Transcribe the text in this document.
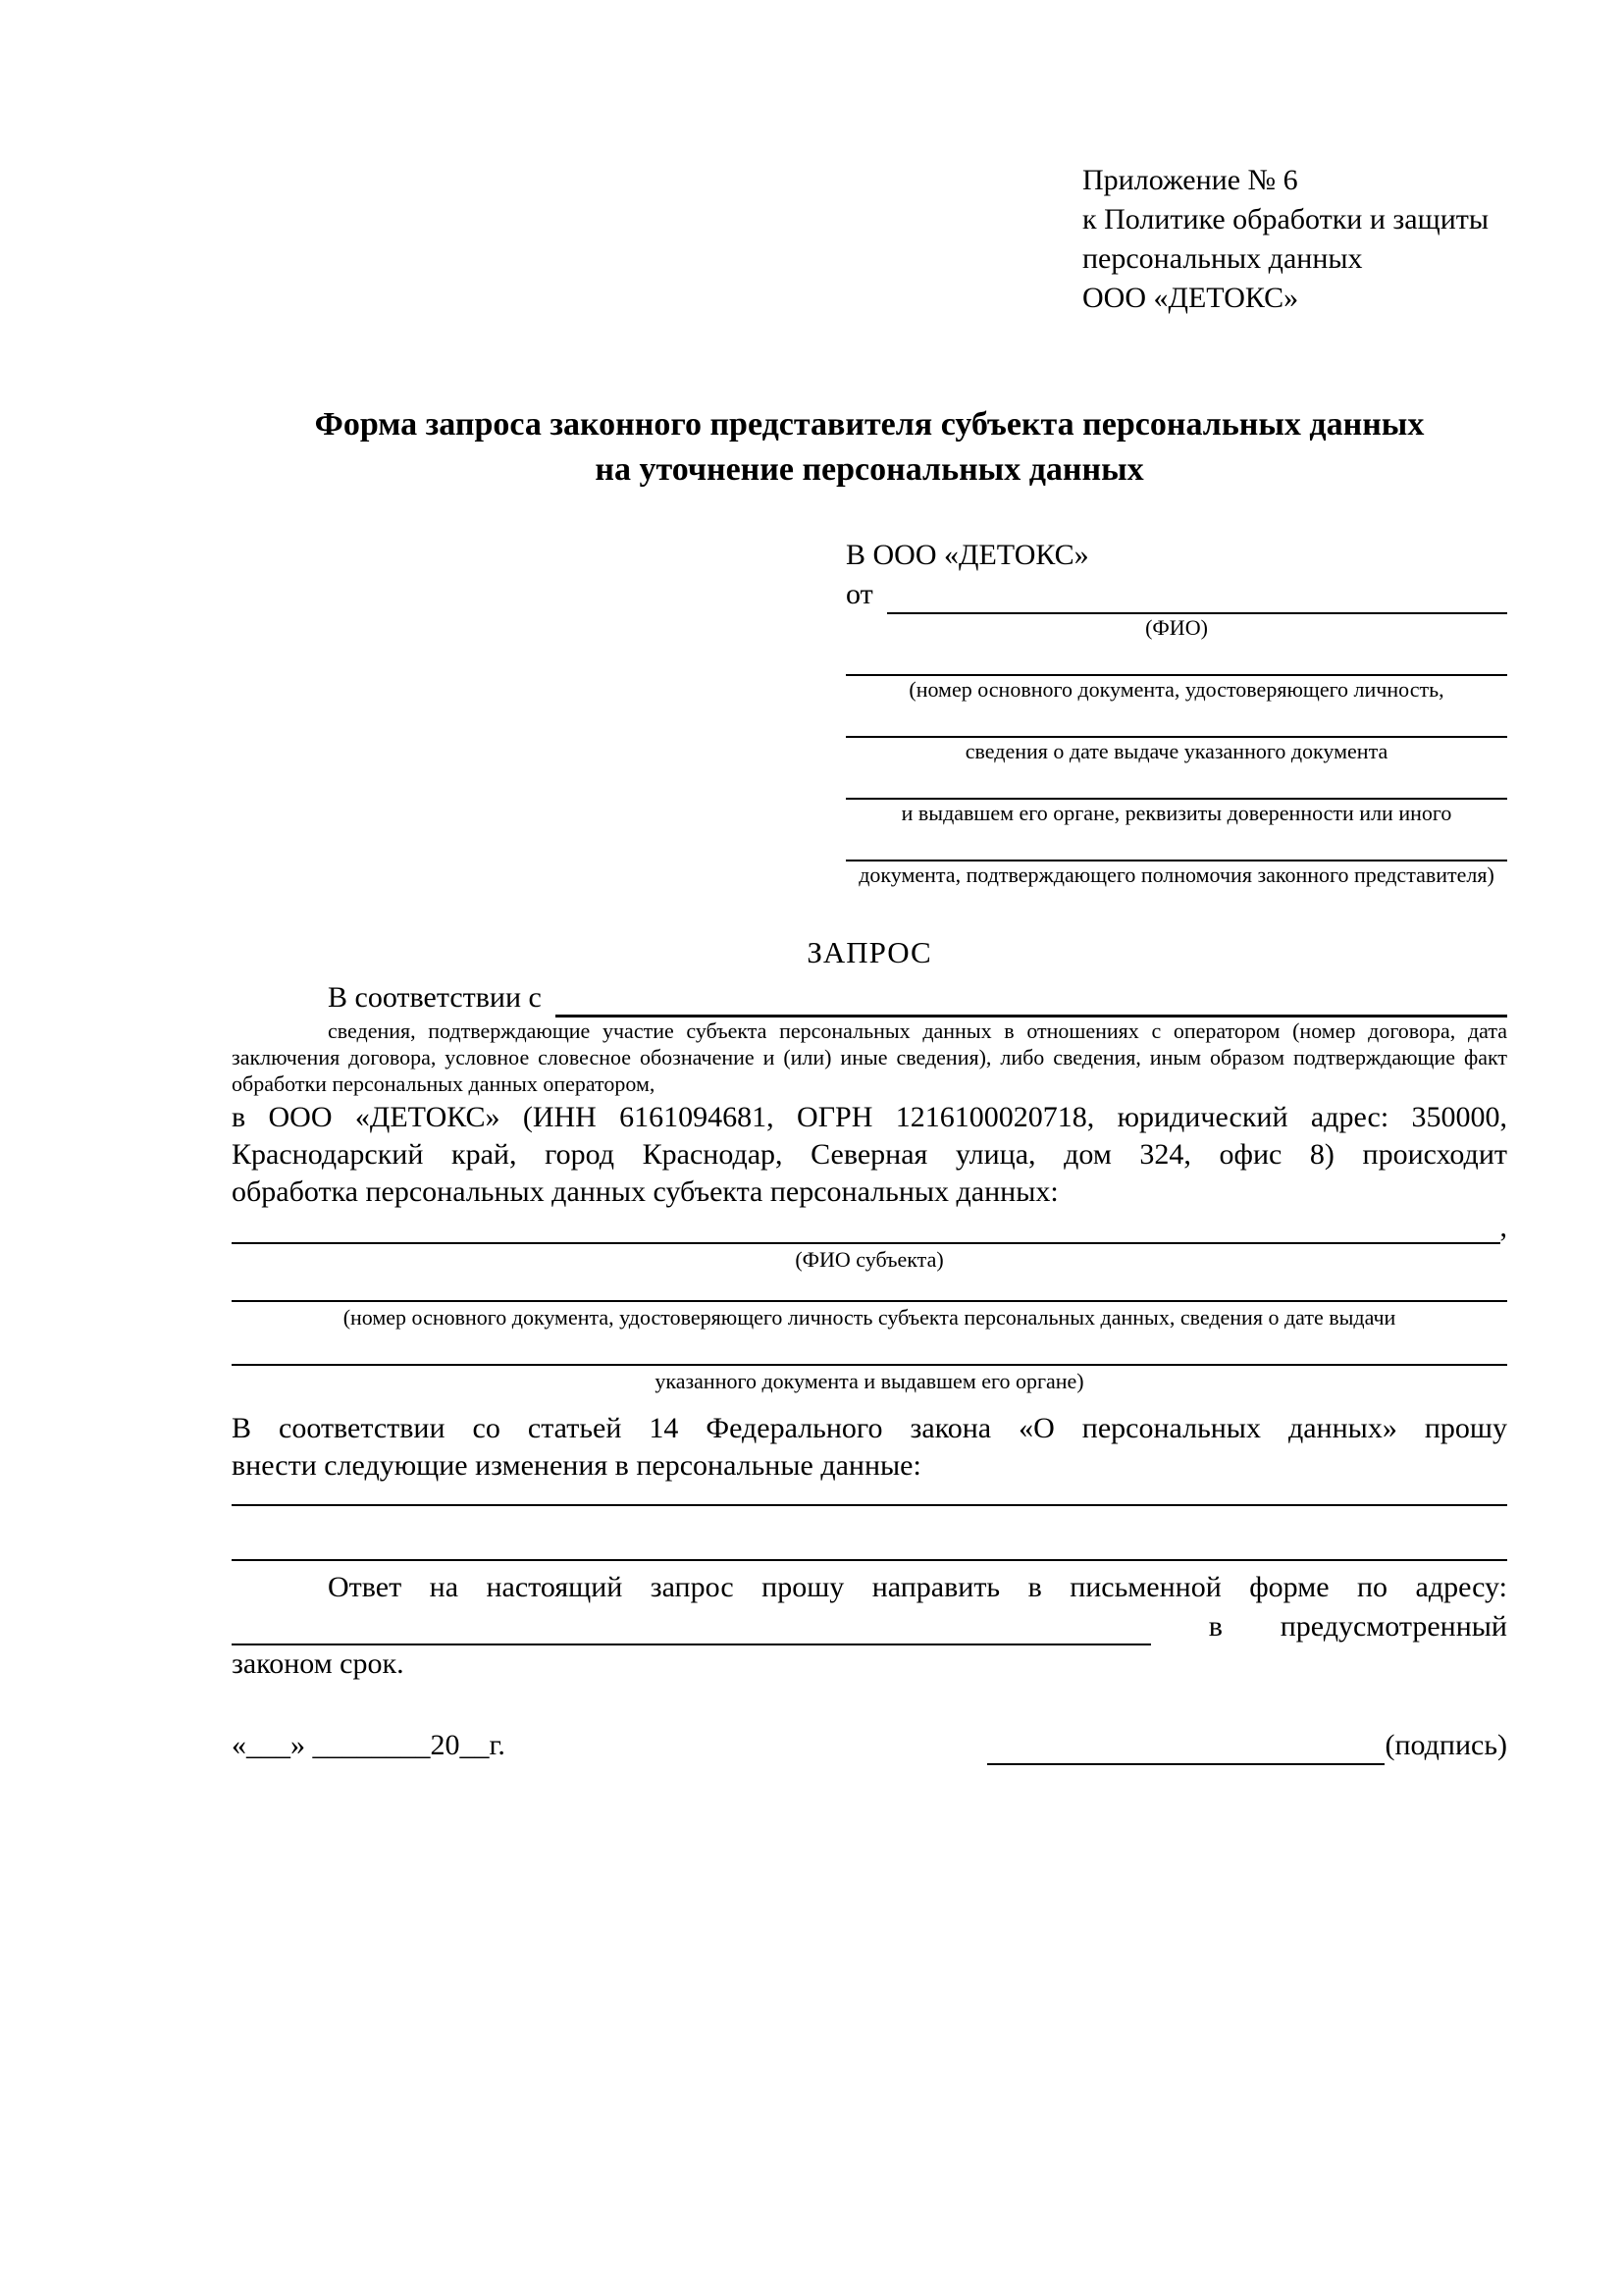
Приложение № 6
к Политике обработки и защиты
персональных данных
ООО «ДЕТОКС»
Форма запроса законного представителя субъекта персональных данных
на уточнение персональных данных
В ООО «ДЕТОКС»
от
(ФИО)
(номер основного документа, удостоверяющего личность,
сведения о дате выдаче указанного документа
и выдавшем его органе, реквизиты доверенности или иного
документа, подтверждающего полномочия законного представителя)
ЗАПРОС
В соответствии с
сведения, подтверждающие участие субъекта персональных данных в отношениях с оператором (номер договора, дата
заключения договора, условное словесное обозначение и (или) иные сведения), либо сведения, иным образом подтверждающие факт
обработки персональных данных оператором,
в ООО «ДЕТОКС» (ИНН 6161094681, ОГРН 1216100020718, юридический адрес: 350000,
Краснодарский край, город Краснодар, Северная улица, дом 324, офис 8) происходит
обработка персональных данных субъекта персональных данных:
,
(ФИО субъекта)
(номер основного документа, удостоверяющего личность субъекта персональных данных, сведения о дате выдачи
указанного документа и выдавшем его органе)
В соответствии со статьей 14 Федерального закона «О персональных данных» прошу
внести следующие изменения в персональные данные:
Ответ на настоящий запрос прошу направить в письменной форме по адресу:
в предусмотренный
законом срок.
«___» ________20__г.	(подпись)
